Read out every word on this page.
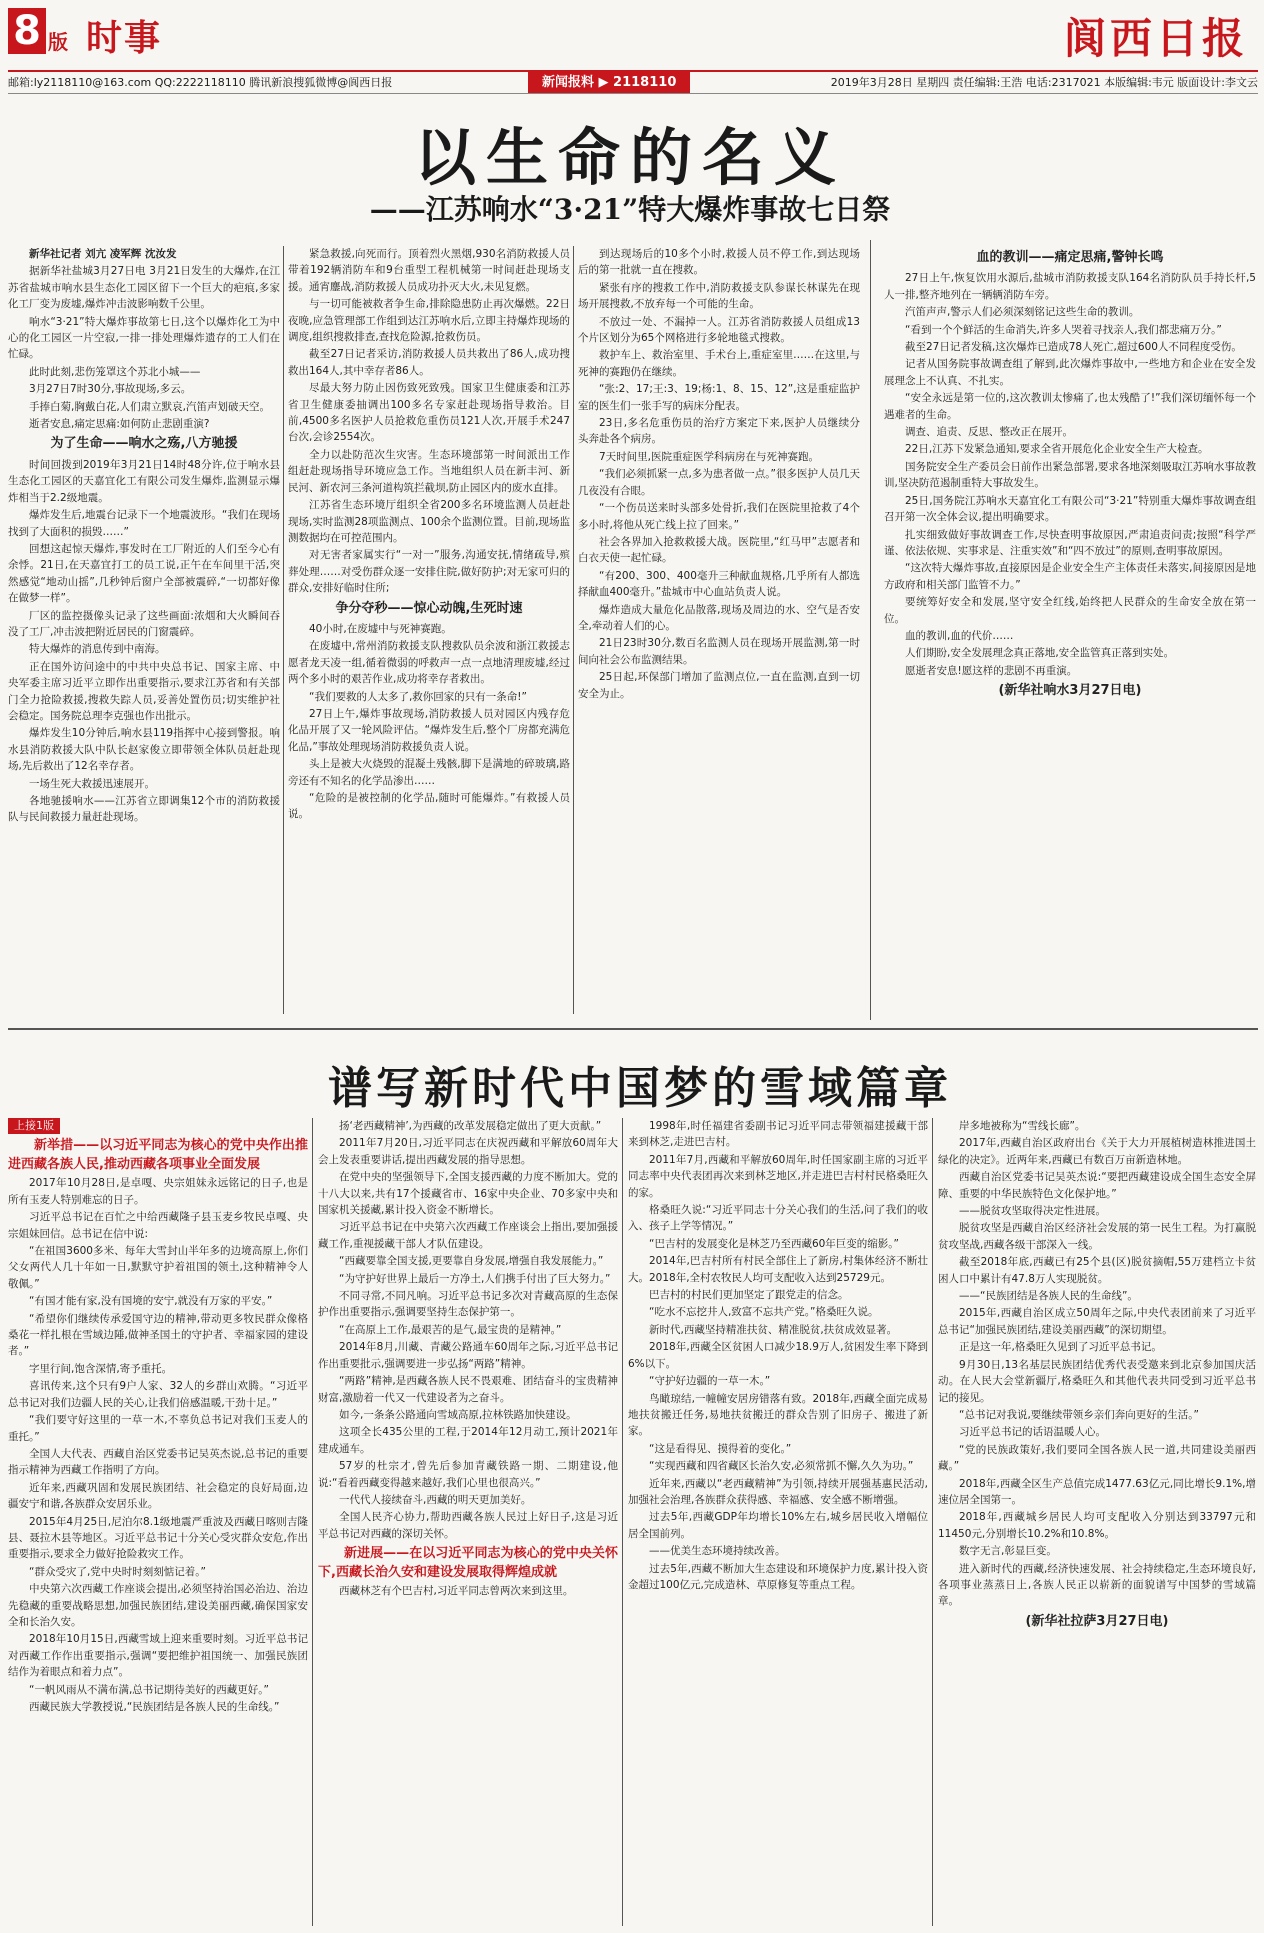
8 版 时事	阆西日报
邮箱:ly2118110@163.com QQ:2222118110 腾讯新浪搜狐微博@阆西日报	新闻报料 ▶ 2118110	2019年3月28日 星期四 责任编辑:王浩 电话:2317021 本版编辑:韦元 版面设计:李文云
以生命的名义
——江苏响水“3·21”特大爆炸事故七日祭

新华社记者 刘亢 凌军辉 沈汝发

据新华社盐城3月27日电 3月21日发生的大爆炸,在江苏省盐城市响水县生态化工园区留下一个巨大的疤痕,多家化工厂变为废墟,爆炸冲击波影响数千公里。

响水“3·21”特大爆炸事故第七日,这个以爆炸化工为中心的化工园区一片空寂,一排一排处理爆炸遗存的工人们在忙碌。

此时此刻,悲伤笼罩这个苏北小城——

3月27日7时30分,事故现场,多云。

手捧白菊,胸戴白花,人们肃立默哀,汽笛声划破天空。

逝者安息,痛定思痛:如何防止悲剧重演?

为了生命——响水之殇,八方驰援

时间回拨到2019年3月21日14时48分许,位于响水县生态化工园区的天嘉宜化工有限公司发生爆炸,监测显示爆炸相当于2.2级地震。

爆炸发生后,地震台记录下一个地震波形。“我们在现场找到了大面积的损毁……”

回想这起惊天爆炸,事发时在工厂附近的人们至今心有余悸。21日,在天嘉宜打工的员工说,正午在车间里干活,突然感觉“地动山摇”,几秒钟后窗户全部被震碎,“一切都好像在做梦一样”。

厂区的监控摄像头记录了这些画面:浓烟和大火瞬间吞没了工厂,冲击波把附近居民的门窗震碎。

特大爆炸的消息传到中南海。

正在国外访问途中的中共中央总书记、国家主席、中央军委主席习近平立即作出重要指示,要求江苏省和有关部门全力抢险救援,搜救失踪人员,妥善处置伤员;切实维护社会稳定。国务院总理李克强也作出批示。

爆炸发生10分钟后,响水县119指挥中心接到警报。响水县消防救援大队中队长赵家俊立即带领全体队员赶赴现场,先后救出了12名幸存者。

一场生死大救援迅速展开。

各地驰援响水——江苏省立即调集12个市的消防救援队与民间救援力量赶赴现场。

紧急救援,向死而行。顶着烈火黑烟,930名消防救援人员带着192辆消防车和9台重型工程机械第一时间赶赴现场支援。通宵鏖战,消防救援人员成功扑灭大火,未见复燃。

与一切可能被救者争生命,排除隐患防止再次爆燃。22日夜晚,应急管理部工作组到达江苏响水后,立即主持爆炸现场的调度,组织搜救排查,查找危险源,抢救伤员。

截至27日记者采访,消防救援人员共救出了86人,成功搜救出164人,其中幸存者86人。

尽最大努力防止因伤致死致残。国家卫生健康委和江苏省卫生健康委抽调出100多名专家赶赴现场指导救治。目前,4500多名医护人员抢救危重伤员121人次,开展手术247台次,会诊2554次。

全力以赴防范次生灾害。生态环境部第一时间派出工作组赶赴现场指导环境应急工作。当地组织人员在新丰河、新民河、新农河三条河道构筑拦截坝,防止园区内的废水直排。

江苏省生态环境厅组织全省200多名环境监测人员赶赴现场,实时监测28项监测点、100余个监测位置。目前,现场监测数据均在可控范围内。

对无害者家属实行“一对一”服务,沟通安抚,情绪疏导,殡葬处理……对受伤群众逐一安排住院,做好防护;对无家可归的群众,安排好临时住所;

争分夺秒——惊心动魄,生死时速

40小时,在废墟中与死神赛跑。

在废墟中,常州消防救援支队搜救队员余波和浙江救援志愿者龙天凌一组,循着微弱的呼救声一点一点地清理废墟,经过两个多小时的艰苦作业,成功将幸存者救出。

“我们要救的人太多了,救你回家的只有一条命!”

27日上午,爆炸事故现场,消防救援人员对园区内残存危化品开展了又一轮风险评估。“爆炸发生后,整个厂房都充满危化品,”事故处理现场消防救援负责人说。

头上是被大火烧毁的混凝土残骸,脚下是满地的碎玻璃,路旁还有不知名的化学品渗出……

“危险的是被控制的化学品,随时可能爆炸。”有救援人员说。

到达现场后的10多个小时,救援人员不停工作,到达现场后的第一批就一直在搜救。

紧张有序的搜救工作中,消防救援支队参谋长林谋先在现场开展搜救,不放弃每一个可能的生命。

不放过一处、不漏掉一人。江苏省消防救援人员组成13个片区划分为65个网格进行多轮地毯式搜救。

救护车上、救治室里、手术台上,重症室里……在这里,与死神的赛跑仍在继续。

“张:2、17;王:3、19;杨:1、8、15、12”,这是重症监护室的医生们一张手写的病床分配表。

23日,多名危重伤员的治疗方案定下来,医护人员继续分头奔赴各个病房。

7天时间里,医院重症医学科病房在与死神赛跑。

“我们必须抓紧一点,多为患者做一点。”很多医护人员几天几夜没有合眼。

“一个伤员送来时头部多处骨折,我们在医院里抢救了4个多小时,将他从死亡线上拉了回来。”

社会各界加入抢救救援大战。医院里,“红马甲”志愿者和白衣天使一起忙碌。

“有200、300、400毫升三种献血规格,几乎所有人都选择献血400毫升。”盐城市中心血站负责人说。

爆炸造成大量危化品散落,现场及周边的水、空气是否安全,牵动着人们的心。

21日23时30分,数百名监测人员在现场开展监测,第一时间向社会公布监测结果。

25日起,环保部门增加了监测点位,一直在监测,直到一切安全为止。

血的教训——痛定思痛,警钟长鸣

27日上午,恢复饮用水源后,盐城市消防救援支队164名消防队员手持长杆,5人一排,整齐地列在一辆辆消防车旁。

汽笛声声,警示人们必须深刻铭记这些生命的教训。

“看到一个个鲜活的生命消失,许多人哭着寻找亲人,我们都悲痛万分。”

截至27日记者发稿,这次爆炸已造成78人死亡,超过600人不同程度受伤。

记者从国务院事故调查组了解到,此次爆炸事故中,一些地方和企业在安全发展理念上不认真、不扎实。

“安全永远是第一位的,这次教训太惨痛了,也太残酷了!”我们深切缅怀每一个遇难者的生命。

调查、追责、反思、整改正在展开。

22日,江苏下发紧急通知,要求全省开展危化企业安全生产大检查。

国务院安全生产委员会日前作出紧急部署,要求各地深刻吸取江苏响水事故教训,坚决防范遏制重特大事故发生。

25日,国务院江苏响水天嘉宜化工有限公司“3·21”特别重大爆炸事故调查组召开第一次全体会议,提出明确要求。

扎实细致做好事故调查工作,尽快查明事故原因,严肃追责问责;按照“科学严谨、依法依规、实事求是、注重实效”和“四不放过”的原则,查明事故原因。

“这次特大爆炸事故,直接原因是企业安全生产主体责任未落实,间接原因是地方政府和相关部门监管不力。”

要统筹好安全和发展,坚守安全红线,始终把人民群众的生命安全放在第一位。

血的教训,血的代价……

人们期盼,安全发展理念真正落地,安全监管真正落到实处。

愿逝者安息!愿这样的悲剧不再重演。

(新华社响水3月27日电)
谱写新时代中国梦的雪域篇章

上接1版

新举措——以习近平同志为核心的党中央作出推进西藏各族人民,推动西藏各项事业全面发展

2017年10月28日,是卓嘎、央宗姐妹永远铭记的日子,也是所有玉麦人特别难忘的日子。

习近平总书记在百忙之中给西藏隆子县玉麦乡牧民卓嘎、央宗姐妹回信。总书记在信中说:

“在祖国3600多米、每年大雪封山半年多的边境高原上,你们父女两代人几十年如一日,默默守护着祖国的领土,这种精神令人敬佩。”

“有国才能有家,没有国境的安宁,就没有万家的平安。”

“希望你们继续传承爱国守边的精神,带动更多牧民群众像格桑花一样扎根在雪域边陲,做神圣国土的守护者、幸福家园的建设者。”

字里行间,饱含深情,寄予重托。

喜讯传来,这个只有9户人家、32人的乡群山欢腾。“习近平总书记对我们边疆人民的关心,让我们倍感温暖,干劲十足。”

“我们要守好这里的一草一木,不辜负总书记对我们玉麦人的重托。”

全国人大代表、西藏自治区党委书记吴英杰说,总书记的重要指示精神为西藏工作指明了方向。

近年来,西藏巩固和发展民族团结、社会稳定的良好局面,边疆安宁和谐,各族群众安居乐业。

2015年4月25日,尼泊尔8.1级地震严重波及西藏日喀则吉隆县、聂拉木县等地区。习近平总书记十分关心受灾群众安危,作出重要指示,要求全力做好抢险救灾工作。

“群众受灾了,党中央时时刻刻惦记着。”

中央第六次西藏工作座谈会提出,必须坚持治国必治边、治边先稳藏的重要战略思想,加强民族团结,建设美丽西藏,确保国家安全和长治久安。

2018年10月15日,西藏雪域上迎来重要时刻。习近平总书记对西藏工作作出重要指示,强调“要把维护祖国统一、加强民族团结作为着眼点和着力点”。

“一帆风雨从不满布满,总书记期待美好的西藏更好。”

西藏民族大学教授说,“民族团结是各族人民的生命线。”

扬‘老西藏精神’,为西藏的改革发展稳定做出了更大贡献。”

2011年7月20日,习近平同志在庆祝西藏和平解放60周年大会上发表重要讲话,提出西藏发展的指导思想。

在党中央的坚强领导下,全国支援西藏的力度不断加大。党的十八大以来,共有17个援藏省市、16家中央企业、70多家中央和国家机关援藏,累计投入资金不断增长。

习近平总书记在中央第六次西藏工作座谈会上指出,要加强援藏工作,重视援藏干部人才队伍建设。

“西藏要靠全国支援,更要靠自身发展,增强自我发展能力。”

“为守护好世界上最后一方净土,人们携手付出了巨大努力。”

不同寻常,不同凡响。习近平总书记多次对青藏高原的生态保护作出重要指示,强调要坚持生态保护第一。

“在高原上工作,最艰苦的是气,最宝贵的是精神。”

2014年8月,川藏、青藏公路通车60周年之际,习近平总书记作出重要批示,强调要进一步弘扬“两路”精神。

“两路”精神,是西藏各族人民不畏艰难、团结奋斗的宝贵精神财富,激励着一代又一代建设者为之奋斗。

如今,一条条公路通向雪域高原,拉林铁路加快建设。

这项全长435公里的工程,于2014年12月动工,预计2021年建成通车。

57岁的杜宗才,曾先后参加青藏铁路一期、二期建设,他说:“看着西藏变得越来越好,我们心里也很高兴。”

一代代人接续奋斗,西藏的明天更加美好。

全国人民齐心协力,帮助西藏各族人民过上好日子,这是习近平总书记对西藏的深切关怀。

新进展——在以习近平同志为核心的党中央关怀下,西藏长治久安和建设发展取得辉煌成就

西藏林芝有个巴吉村,习近平同志曾两次来到这里。

1998年,时任福建省委副书记习近平同志带领福建援藏干部来到林芝,走进巴吉村。

2011年7月,西藏和平解放60周年,时任国家副主席的习近平同志率中央代表团再次来到林芝地区,并走进巴吉村村民格桑旺久的家。

格桑旺久说:“习近平同志十分关心我们的生活,问了我们的收入、孩子上学等情况。”

“巴吉村的发展变化是林芝乃至西藏60年巨变的缩影。”

2014年,巴吉村所有村民全部住上了新房,村集体经济不断壮大。2018年,全村农牧民人均可支配收入达到25729元。

巴吉村的村民们更加坚定了跟党走的信念。

“吃水不忘挖井人,致富不忘共产党。”格桑旺久说。

新时代,西藏坚持精准扶贫、精准脱贫,扶贫成效显著。

2018年,西藏全区贫困人口减少18.9万人,贫困发生率下降到6%以下。

“守护好边疆的一草一木。”

鸟瞰琼结,一幢幢安居房错落有致。2018年,西藏全面完成易地扶贫搬迁任务,易地扶贫搬迁的群众告别了旧房子、搬进了新家。

“这是看得见、摸得着的变化。”

“实现西藏和四省藏区长治久安,必须常抓不懈,久久为功。”

近年来,西藏以“老西藏精神”为引领,持续开展强基惠民活动,加强社会治理,各族群众获得感、幸福感、安全感不断增强。

过去5年,西藏GDP年均增长10%左右,城乡居民收入增幅位居全国前列。

——优美生态环境持续改善。

过去5年,西藏不断加大生态建设和环境保护力度,累计投入资金超过100亿元,完成造林、草原修复等重点工程。

岸多地被称为“雪线长廊”。

2017年,西藏自治区政府出台《关于大力开展植树造林推进国土绿化的决定》。近两年来,西藏已有数百万亩新造林地。

西藏自治区党委书记吴英杰说:“要把西藏建设成全国生态安全屏障、重要的中华民族特色文化保护地。”

——脱贫攻坚取得决定性进展。

脱贫攻坚是西藏自治区经济社会发展的第一民生工程。为打赢脱贫攻坚战,西藏各级干部深入一线。

截至2018年底,西藏已有25个县(区)脱贫摘帽,55万建档立卡贫困人口中累计有47.8万人实现脱贫。

——“民族团结是各族人民的生命线”。

2015年,西藏自治区成立50周年之际,中央代表团前来了习近平总书记“加强民族团结,建设美丽西藏”的深切期望。

正是这一年,格桑旺久见到了习近平总书记。

9月30日,13名基层民族团结优秀代表受邀来到北京参加国庆活动。在人民大会堂新疆厅,格桑旺久和其他代表共同受到习近平总书记的接见。

“总书记对我说,要继续带领乡亲们奔向更好的生活。”

习近平总书记的话语温暖人心。

“党的民族政策好,我们要同全国各族人民一道,共同建设美丽西藏。”

2018年,西藏全区生产总值完成1477.63亿元,同比增长9.1%,增速位居全国第一。

2018年,西藏城乡居民人均可支配收入分别达到33797元和11450元,分别增长10.2%和10.8%。

数字无言,彰显巨变。

进入新时代的西藏,经济快速发展、社会持续稳定,生态环境良好,各项事业蒸蒸日上,各族人民正以崭新的面貌谱写中国梦的雪域篇章。

(新华社拉萨3月27日电)
